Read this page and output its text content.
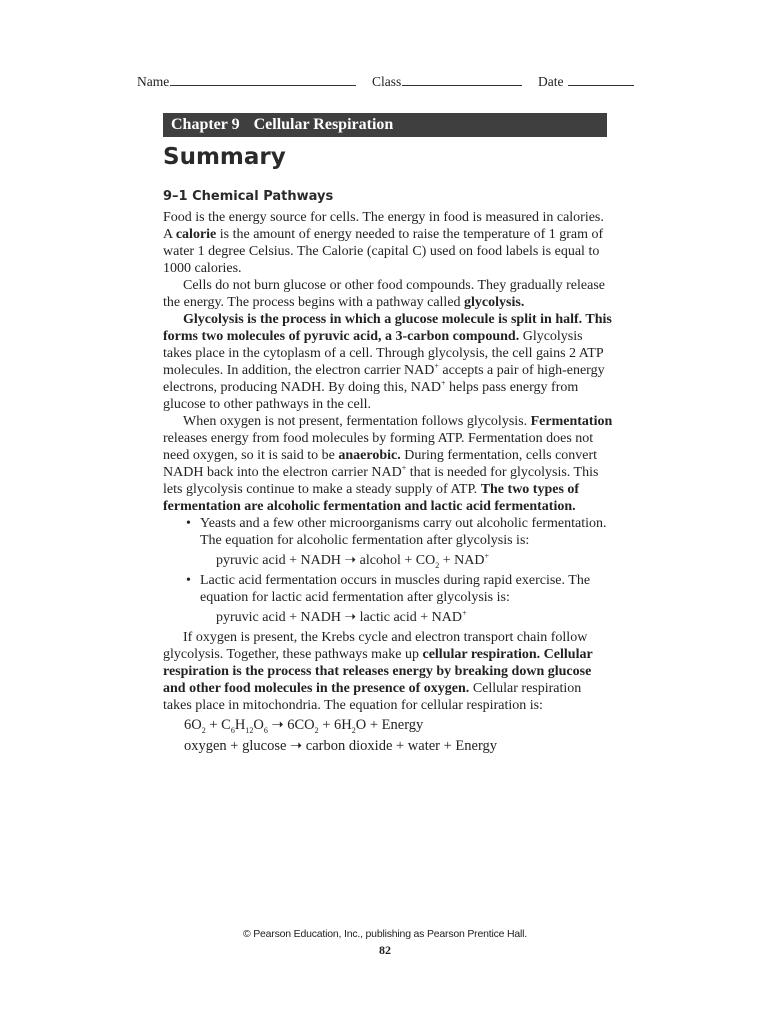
Name	Class	Date
Chapter 9 Cellular Respiration
Summary
9–1 Chemical Pathways

Food is the energy source for cells. The energy in food is measured in calories. A calorie is the amount of energy needed to raise the temperature of 1 gram of water 1 degree Celsius. The Calorie (capital C) used on food labels is equal to 1000 calories.

Cells do not burn glucose or other food compounds. They gradually release the energy. The process begins with a pathway called glycolysis.

Glycolysis is the process in which a glucose molecule is split in half. This forms two molecules of pyruvic acid, a 3-carbon compound. Glycolysis takes place in the cytoplasm of a cell. Through glycolysis, the cell gains 2 ATP molecules. In addition, the electron carrier NAD+ accepts a pair of high-energy electrons, producing NADH. By doing this, NAD+ helps pass energy from glucose to other pathways in the cell.

When oxygen is not present, fermentation follows glycolysis. Fermentation releases energy from food molecules by forming ATP. Fermentation does not need oxygen, so it is said to be anaerobic. During fermentation, cells convert NADH back into the electron carrier NAD+ that is needed for glycolysis. This lets glycolysis continue to make a steady supply of ATP. The two types of fermentation are alcoholic fermentation and lactic acid fermentation.

• Yeasts and a few other microorganisms carry out alcoholic fermentation. The equation for alcoholic fermentation after glycolysis is:

pyruvic acid + NADH ➝ alcohol + $CO_2 + NAD^+$

• Lactic acid fermentation occurs in muscles during rapid exercise. The equation for lactic acid fermentation after glycolysis is:

pyruvic acid + NADH ➝ lactic acid + NAD+

If oxygen is present, the Krebs cycle and electron transport chain follow glycolysis. Together, these pathways make up cellular respiration. Cellular respiration is the process that releases energy by breaking down glucose and other food molecules in the presence of oxygen. Cellular respiration takes place in mitochondria. The equation for cellular respiration is:

$6O_2 + C_6H_{12}O_6$ ➝ $6CO_2 + 6H_2O$ + Energy

oxygen + glucose ➝ carbon dioxide + water + Energy

© Pearson Education, Inc., publishing as Pearson Prentice Hall.
82
